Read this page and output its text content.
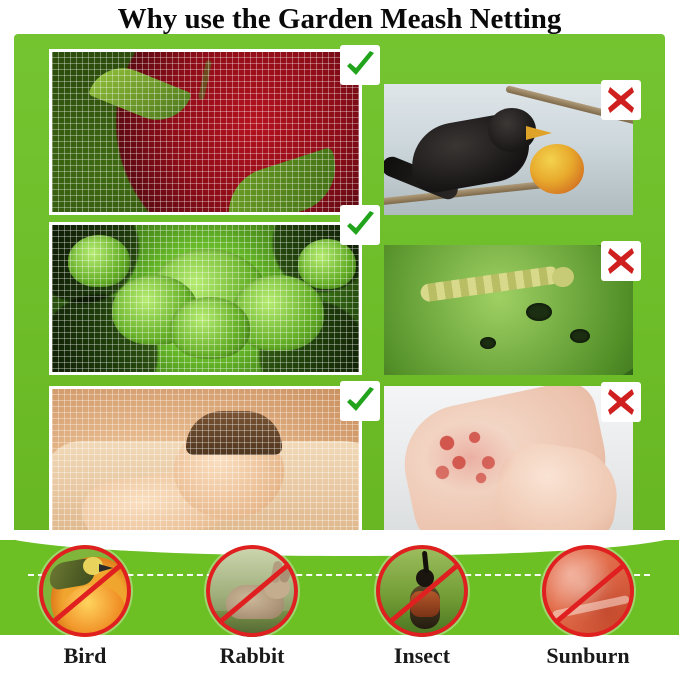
Why use the Garden Meash Netting
Bird	Rabbit	Insect	Sunburn
